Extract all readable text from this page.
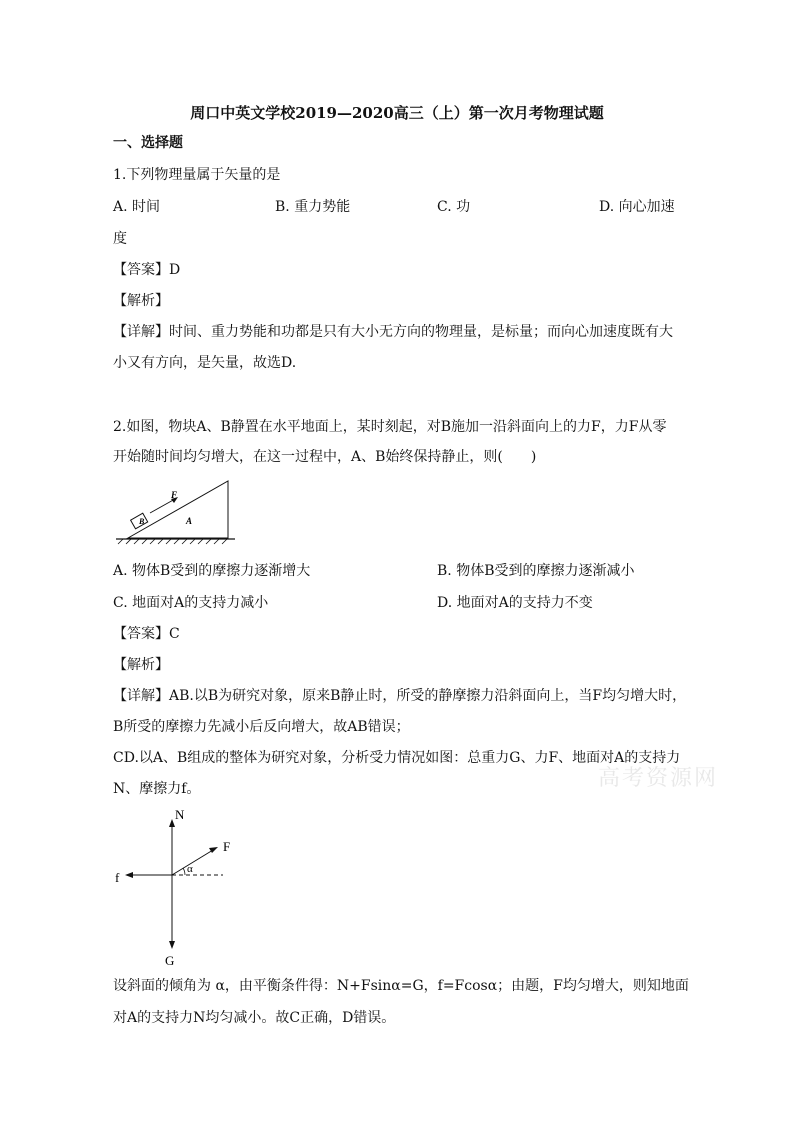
周口中英文学校2019—2020高三（上）第一次月考物理试题
一、选择题
1.下列物理量属于矢量的是
A. 时间	B. 重力势能	C. 功	D. 向心加速
度
【答案】D
【解析】
【详解】时间、重力势能和功都是只有大小无方向的物理量，是标量；而向心加速度既有大
小又有方向，是矢量，故选D.
2.如图，物块A、B静置在水平地面上，某时刻起，对B施加一沿斜面向上的力F，力F从零
开始随时间均匀增大，在这一过程中，A、B始终保持静止，则(　　)
F
B	A
A. 物体B受到的摩擦力逐渐增大	B. 物体B受到的摩擦力逐渐减小
C. 地面对A的支持力减小	D. 地面对A的支持力不变
【答案】C
【解析】
【详解】AB.以B为研究对象，原来B静止时，所受的静摩擦力沿斜面向上，当F均匀增大时，
B所受的摩擦力先减小后反向增大，故AB错误；
CD.以A、B组成的整体为研究对象，分析受力情况如图：总重力G、力F、地面对A的支持力
N、摩擦力f。	高考资源网
N
F
f
G
α
设斜面的倾角为 α，由平衡条件得：N+Fsinα=G，f=Fcosα；由题，F均匀增大，则知地面
对A的支持力N均匀减小。故C正确，D错误。
